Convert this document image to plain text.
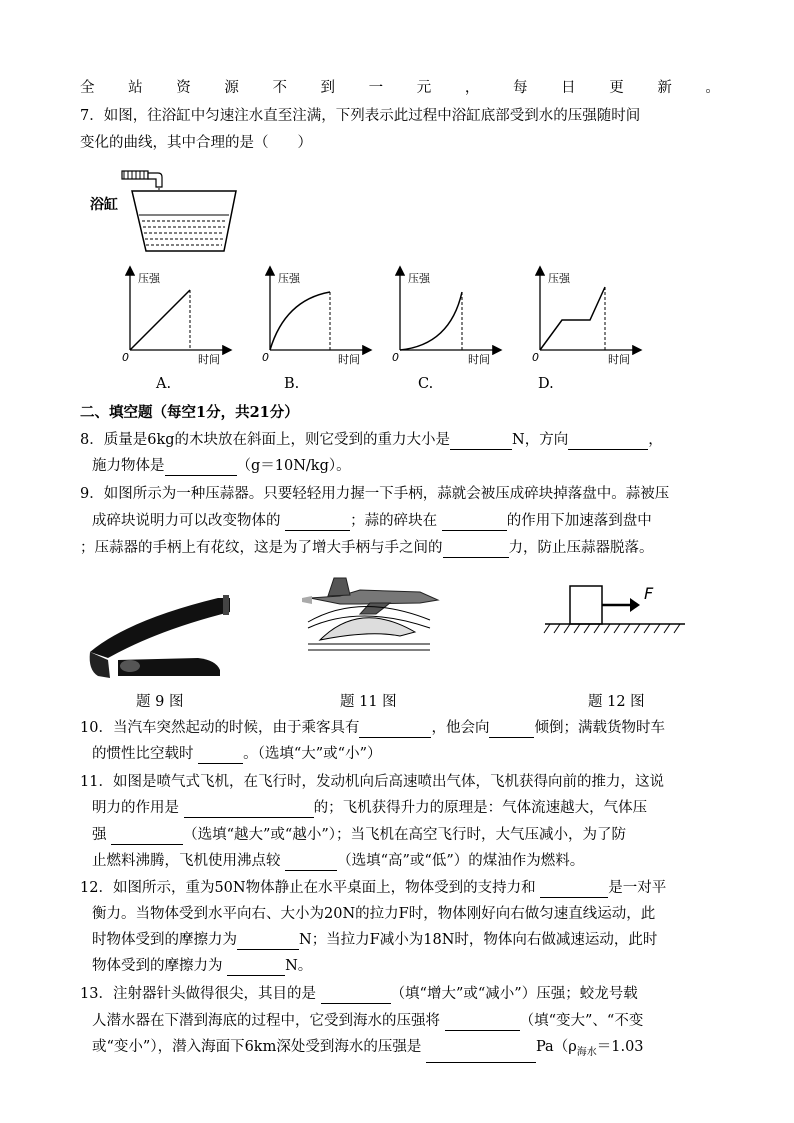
全 站 资 源 不 到 一 元 ， 每 日 更 新 。
7．如图，往浴缸中匀速注水直至注满，下列表示此过程中浴缸底部受到水的压强随时间
变化的曲线，其中合理的是（　　）
浴缸
压强
时间
0
压强
时间
0
压强
时间
0
压强
时间
0
A.	B.	C.	D.
二、填空题（每空1分，共21分）
8．质量是6kg的木块放在斜面上，则它受到的重力大小是	N，方向	，
施力物体是	（g＝10N/kg）。
9．如图所示为一种压蒜器。只要轻轻用力握一下手柄，蒜就会被压成碎块掉落盘中。蒜被压
成碎块说明力可以改变物体的	；蒜的碎块在	的作用下加速落到盘中
；压蒜器的手柄上有花纹，这是为了增大手柄与手之间的	力，防止压蒜器脱落。
F
题 9 图	题 11 图	题 12 图
10．当汽车突然起动的时候，由于乘客具有	，他会向	倾倒；满载货物时车
的惯性比空载时	。（选填“大”或“小”）
11．如图是喷气式飞机，在飞行时，发动机向后高速喷出气体，飞机获得向前的推力，这说
明力的作用是	的；飞机获得升力的原理是：气体流速越大，气体压
强	（选填“越大”或“越小”）；当飞机在高空飞行时，大气压减小，为了防
止燃料沸腾，飞机使用沸点较	（选填“高”或“低”）的煤油作为燃料。
12．如图所示，重为50N物体静止在水平桌面上，物体受到的支持力和	是一对平
衡力。当物体受到水平向右、大小为20N的拉力F时，物体刚好向右做匀速直线运动，此
时物体受到的摩擦力为	N；当拉力F减小为18N时，物体向右做减速运动，此时
物体受到的摩擦力为	N。
13．注射器针头做得很尖，其目的是	（填“增大”或“减小”）压强；蛟龙号载
人潜水器在下潜到海底的过程中，它受到海水的压强将	（填“变大”、“不变
或“变小”），潜入海面下6km深处受到海水的压强是	$Pa(\rho_{海水}=1.03$
